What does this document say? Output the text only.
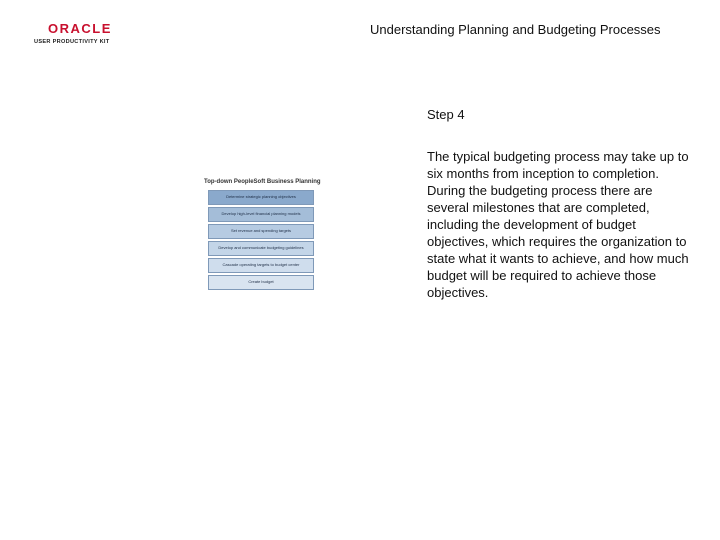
ORACLE
USER PRODUCTIVITY KIT
Understanding Planning and Budgeting Processes
Top-down PeopleSoft Business Planning
Determine strategic planning objectives
Develop high-level financial planning models
Set revenue and spending targets
Develop and communicate budgeting guidelines
Cascade operating targets to budget center
Create budget
Step 4
The typical budgeting process may take up to six months from inception to completion. During the budgeting process there are several milestones that are completed, including the development of budget objectives, which requires the organization to state what it wants to achieve, and how much budget will be required to achieve those objectives.
